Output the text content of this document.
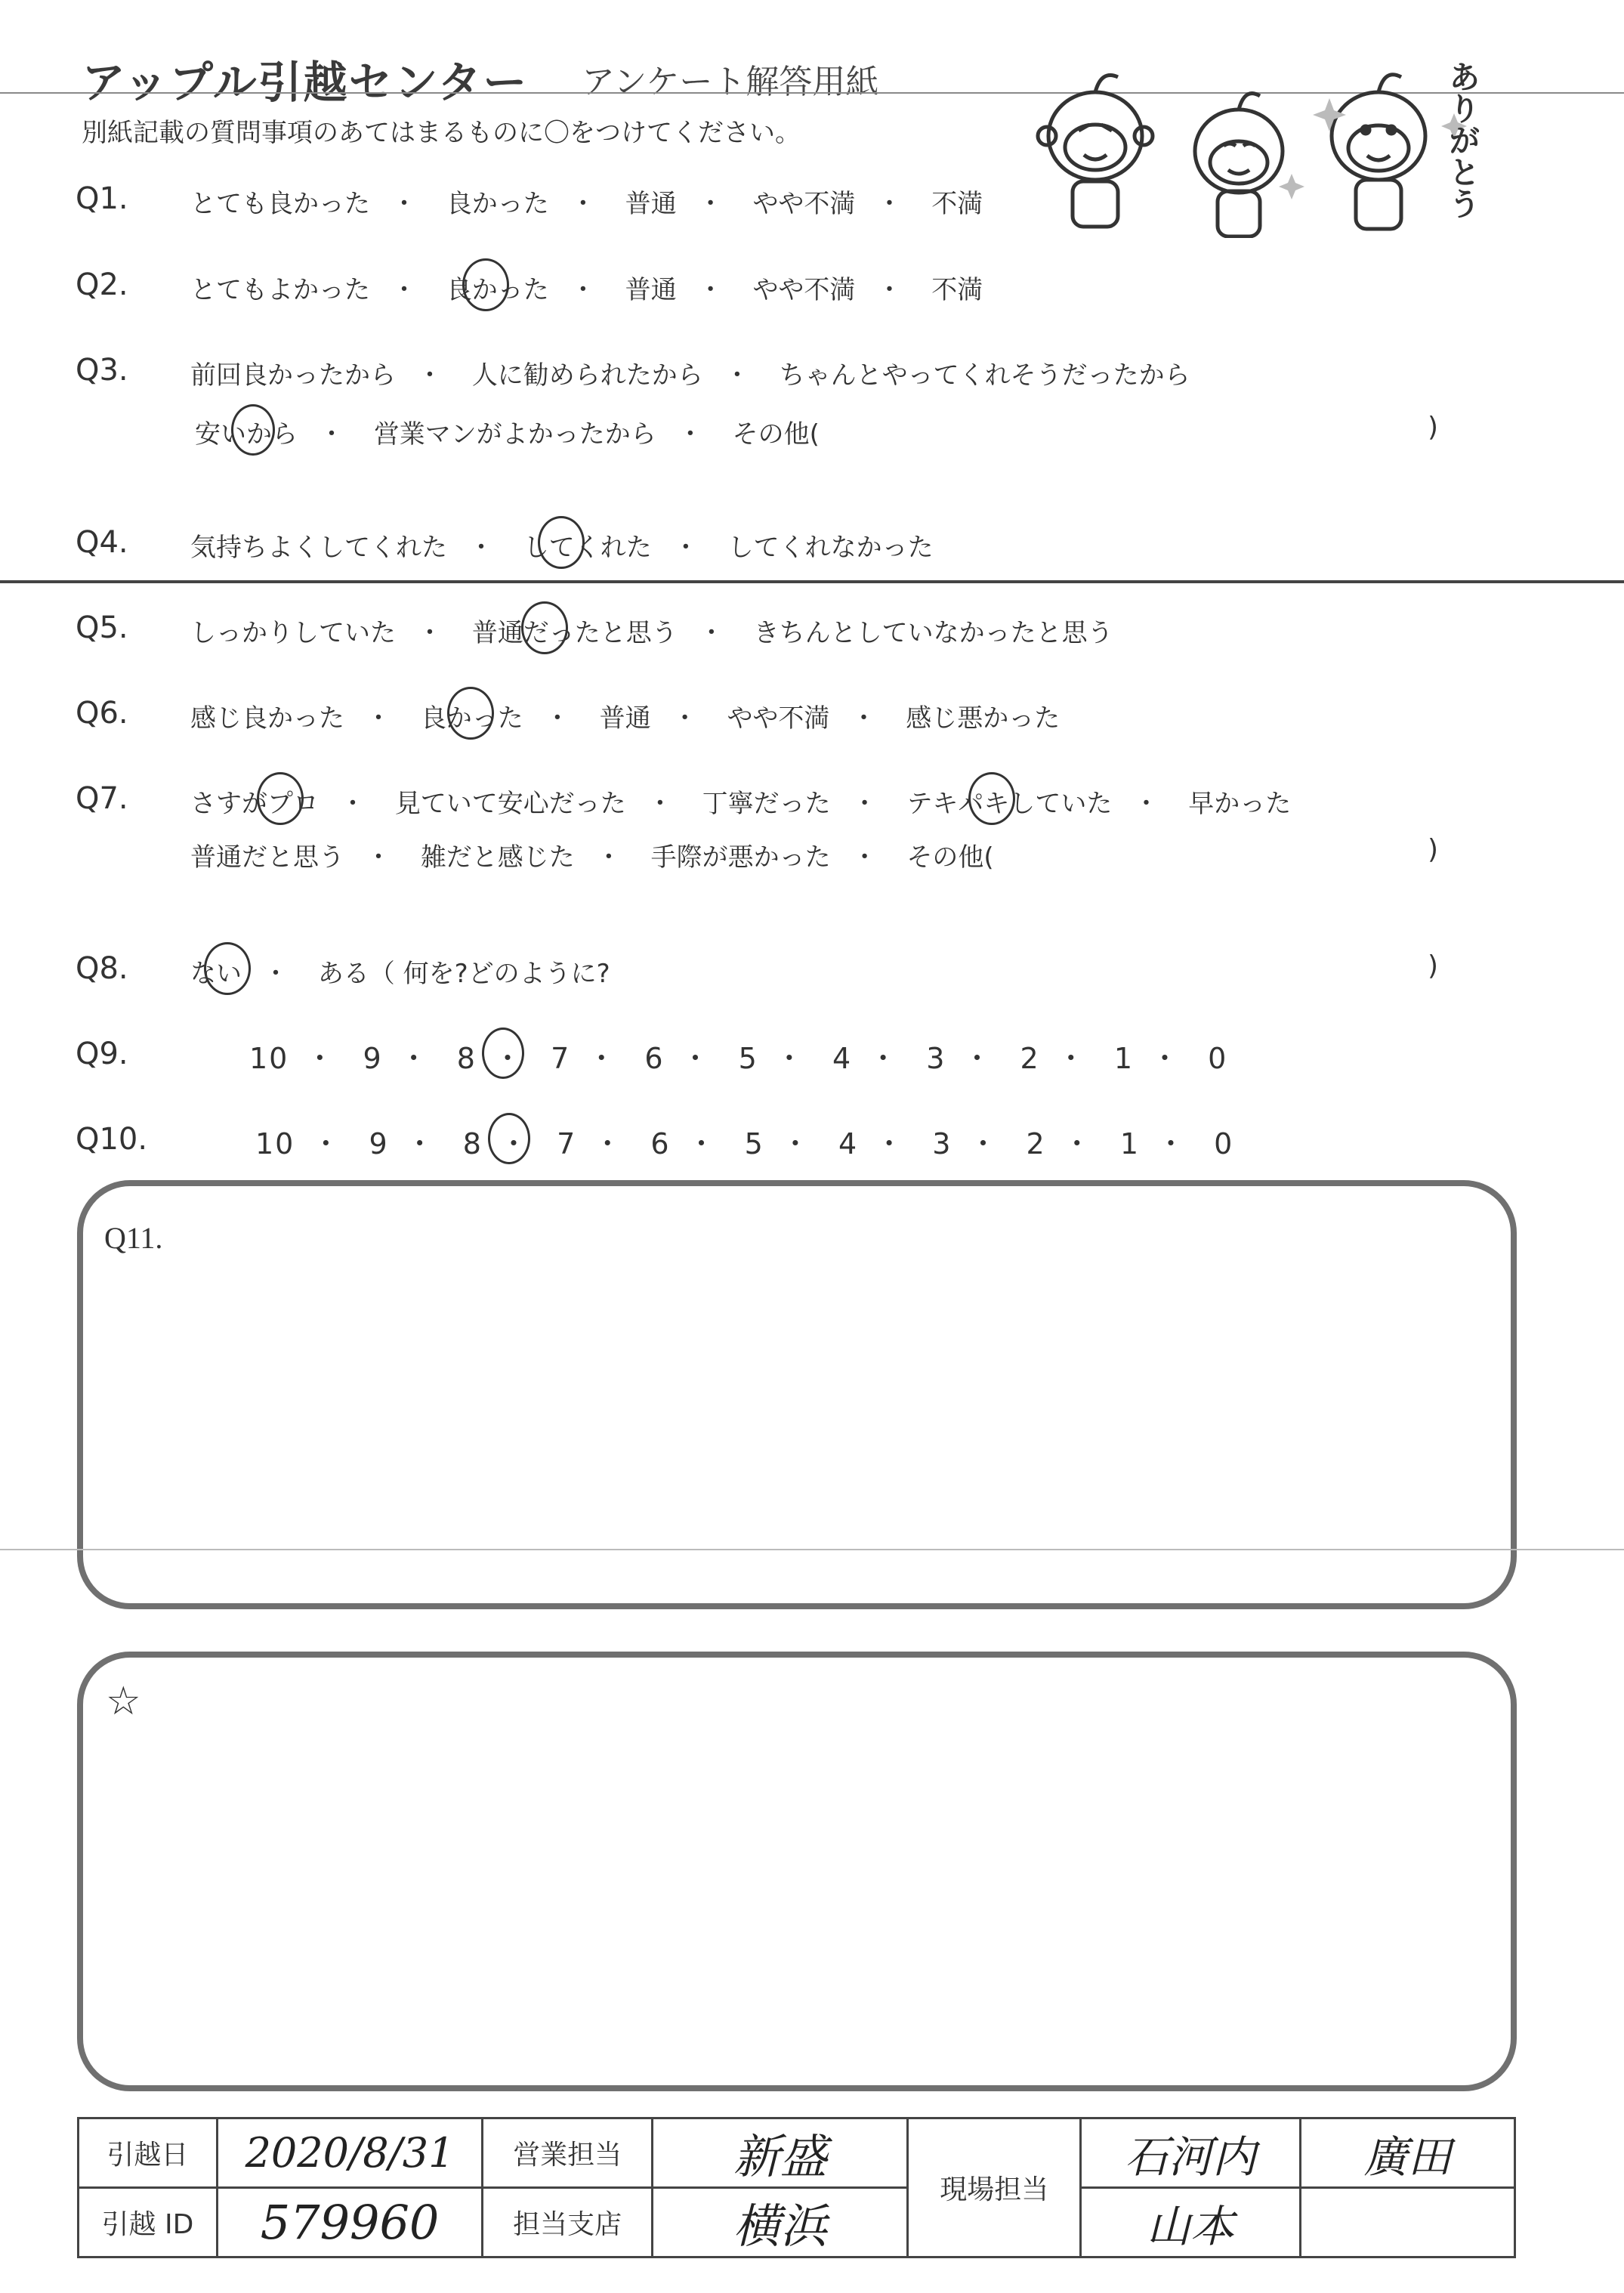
アップル引越センター アンケート解答用紙
別紙記載の質問事項のあてはまるものに〇をつけてください。	ありがとう
Q1. とても良かった ・ 良かった ・ 普通 ・ やや不満 ・ 不満
Q2. とてもよかった ・ 良かった ・ 普通 ・ やや不満 ・ 不満
Q3. 前回良かったから ・ 人に勧められたから ・ ちゃんとやってくれそうだったから
安いから ・ 営業マンがよかったから ・ その他(	)
Q4. 気持ちよくしてくれた ・ してくれた ・ してくれなかった
Q5. しっかりしていた ・ 普通だったと思う ・ きちんとしていなかったと思う
Q6. 感じ良かった ・ 良かった ・ 普通 ・ やや不満 ・ 感じ悪かった
Q7. さすがプロ ・ 見ていて安心だった ・ 丁寧だった ・ テキパキしていた ・ 早かった
普通だと思う ・ 雑だと感じた ・ 手際が悪かった ・ その他(	)
Q8. ない ・ ある（ 何を?どのように?	)
Q9.	10 ・ 9 ・ 8 ・ 7 ・ 6 ・ 5 ・ 4 ・ 3 ・ 2 ・ 1 ・ 0
Q10.	10 ・ 9 ・ 8 ・ 7 ・ 6 ・ 5 ・ 4 ・ 3 ・ 2 ・ 1 ・ 0
Q11.
☆
引越日	2020/8/31	営業担当	新盛	現場担当	石河内	廣田
引越 ID	579960	担当支店	横浜		山本	
